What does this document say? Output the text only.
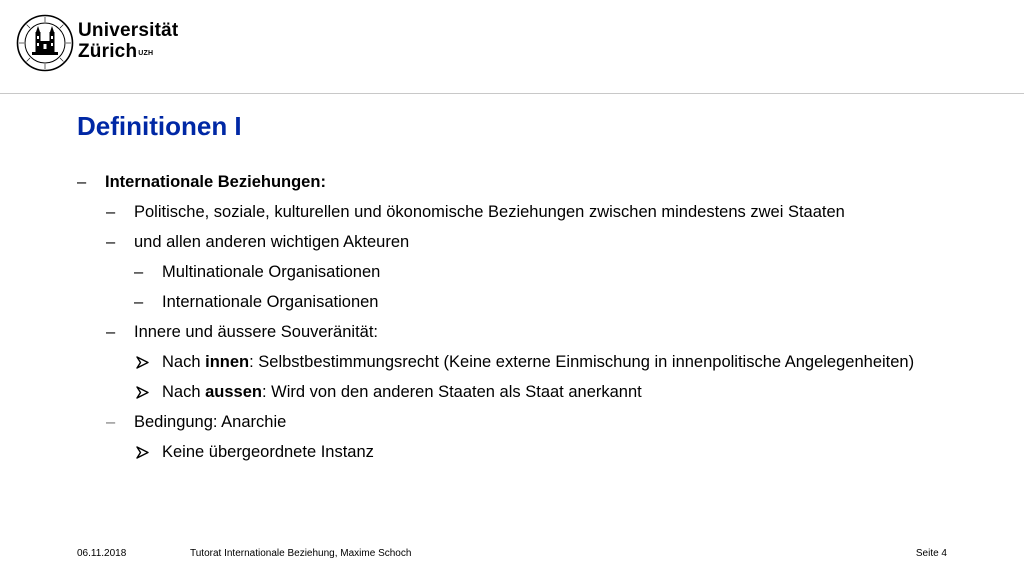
Universität
Zürich$^{UZH}$
Definitionen I
–	Internationale Beziehungen:
–	Politische, soziale, kulturellen und ökonomische Beziehungen zwischen mindestens zwei Staaten
–	und allen anderen wichtigen Akteuren
–	Multinationale Organisationen
–	Internationale Organisationen
–	Innere und äussere Souveränität:
Nach innen: Selbstbestimmungsrecht (Keine externe Einmischung in innenpolitische Angelegenheiten)
Nach aussen: Wird von den anderen Staaten als Staat anerkannt
–	Bedingung: Anarchie
Keine übergeordnete Instanz
06.11.2018	Tutorat Internationale Beziehung, Maxime Schoch	Seite 4
